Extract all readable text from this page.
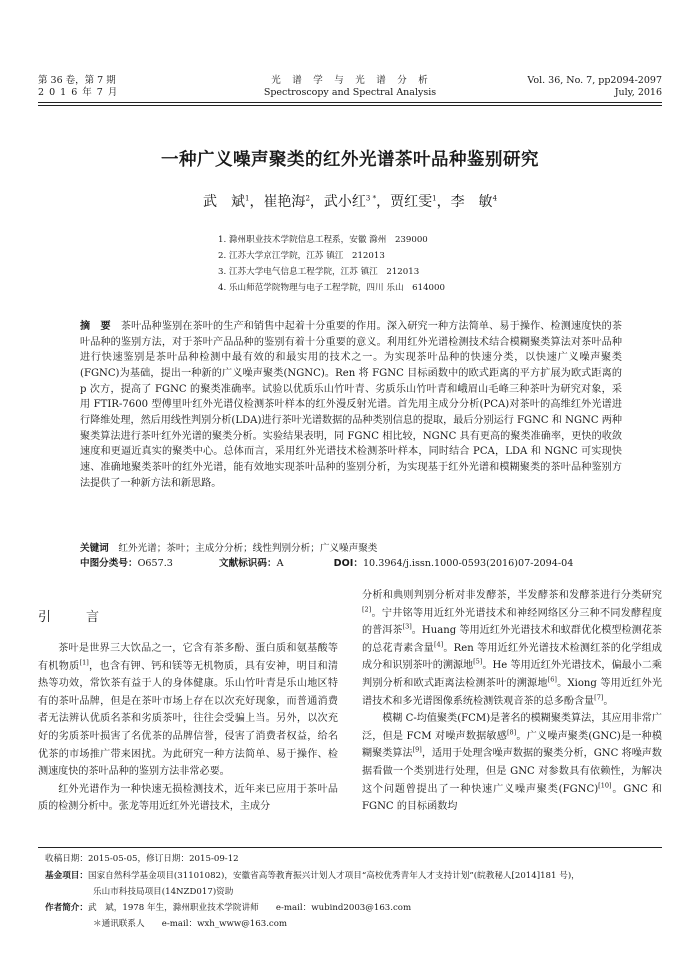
第 36 卷，第 7 期
2 0 1 6 年 7 月
光　谱　学　与　光　谱　分　析
Spectroscopy and Spectral Analysis
Vol. 36, No. 7, pp2094-2097
July, 2016
一种广义噪声聚类的红外光谱茶叶品种鉴别研究
武　斌$^1$，崔艳海$^2$，武小红$^{3 *}$，贾红雯$^1$，李　敏$^4$
1. 滁州职业技术学院信息工程系，安徽 滁州　239000
2. 江苏大学京江学院，江苏 镇江　212013
3. 江苏大学电气信息工程学院，江苏 镇江　212013
4. 乐山师范学院物理与电子工程学院，四川 乐山　614000
摘　要　 茶叶品种鉴别在茶叶的生产和销售中起着十分重要的作用。深入研究一种方法简单、易于操作、检测速度快的茶叶品种的鉴别方法，对于茶叶产品品种的鉴别有着十分重要的意义。利用红外光谱检测技术结合模糊聚类算法对茶叶品种进行快速鉴别是茶叶品种检测中最有效的和最实用的技术之一。为实现茶叶品种的快速分类，以快速广义噪声聚类(FGNC)为基础，提出一种新的广义噪声聚类(NGNC)。Ren 将 FGNC 目标函数中的欧式距离的平方扩展为欧式距离的 p 次方，提高了 FGNC 的聚类准确率。试验以优质乐山竹叶青、劣质乐山竹叶青和峨眉山毛峰三种茶叶为研究对象，采用 FTIR-7600 型傅里叶红外光谱仪检测茶叶样本的红外漫反射光谱。首先用主成分分析(PCA)对茶叶的高维红外光谱进行降维处理，然后用线性判别分析(LDA)进行茶叶光谱数据的品种类别信息的提取，最后分别运行 FGNC 和 NGNC 两种聚类算法进行茶叶红外光谱的聚类分析。实验结果表明，同 FGNC 相比较，NGNC 具有更高的聚类准确率，更快的收敛速度和更逼近真实的聚类中心。总体而言，采用红外光谱技术检测茶叶样本，同时结合 PCA，LDA 和 NGNC 可实现快速、准确地聚类茶叶的红外光谱，能有效地实现茶叶品种的鉴别分析，为实现基于红外光谱和模糊聚类的茶叶品种鉴别方法提供了一种新方法和新思路。
关键词　 红外光谱；茶叶；主成分分析；线性判别分析；广义噪声聚类
中图分类号：O657.3	文献标识码：A	DOI：10.3964/j.issn.1000-0593(2016)07-2094-04
引　言

茶叶是世界三大饮品之一，它含有茶多酚、蛋白质和氨基酸等有机物质[1]，也含有钾、钙和镁等无机物质，具有安神，明目和清热等功效，常饮茶有益于人的身体健康。乐山竹叶青是乐山地区特有的茶叶品牌，但是在茶叶市场上存在以次充好现象，而普通消费者无法辨认优质名茶和劣质茶叶，往往会受骗上当。另外，以次充好的劣质茶叶损害了名优茶的品牌信誉，侵害了消费者权益，给名优茶的市场推广带来困扰。为此研究一种方法简单、易于操作、检测速度快的茶叶品种的鉴别方法非常必要。

红外光谱作为一种快速无损检测技术，近年来已应用于茶叶品质的检测分析中。张龙等用近红外光谱技术，主成分

分析和典则判别分析对非发酵茶，半发酵茶和发酵茶进行分类研究[2]。宁井铭等用近红外光谱技术和神经网络区分三种不同发酵程度的普洱茶[3]。Huang 等用近红外光谱技术和蚁群优化模型检测花茶的总花青素含量[4]。Ren 等用近红外光谱技术检测红茶的化学组成成分和识别茶叶的溯源地[5]。He 等用近红外光谱技术，偏最小二乘判别分析和欧式距离法检测茶叶的溯源地[6]。Xiong 等用近红外光谱技术和多光谱图像系统检测铁观音茶的总多酚含量[7]。

模糊 C-均值聚类(FCM)是著名的模糊聚类算法，其应用非常广泛，但是 FCM 对噪声数据敏感[8]。广义噪声聚类(GNC)是一种模糊聚类算法[9]，适用于处理含噪声数据的聚类分析，GNC 将噪声数据看做一个类别进行处理，但是 GNC 对参数具有依赖性，为解决这个问题曾提出了一种快速广义噪声聚类(FGNC)[10]。GNC 和 FGNC 的目标函数均

收稿日期：2015-05-05，修订日期：2015-09-12
基金项目：国家自然科学基金项目(31101082)，安徽省高等教育振兴计划人才项目“高校优秀青年人才支持计划”(皖教秘人[2014]181 号)，
乐山市科技局项目(14NZD017)资助
作者简介：武　斌，1978 年生，滁州职业技术学院讲师　　e-mail：wubind2003@163.com
＊通讯联系人　　e-mail：wxh_www@163.com
